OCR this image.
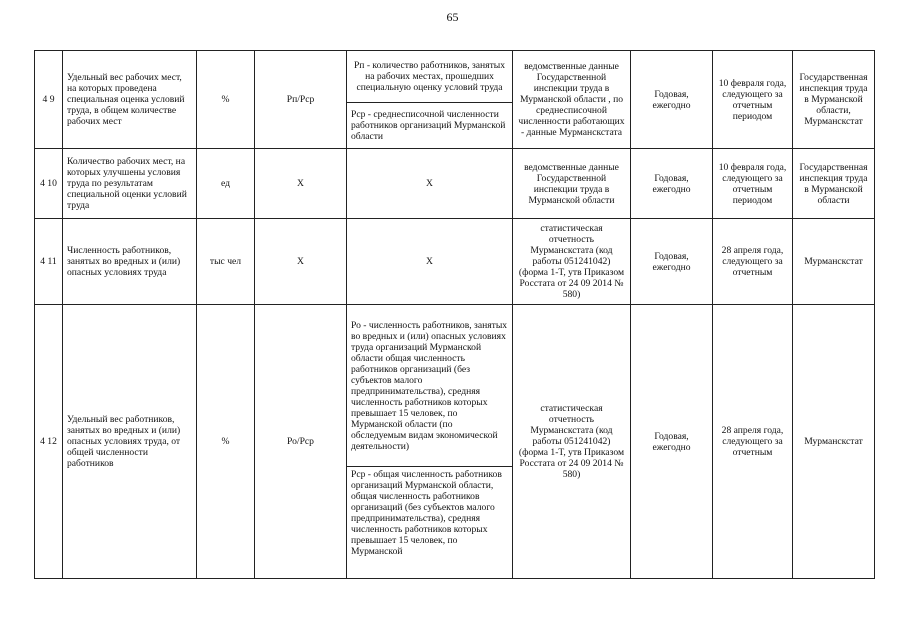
65
4 9	Удельный вес рабочих мест, на которых проведена специальная оценка условий труда, в общем количестве рабочих мест	%	Рп/Рср	Рп - количество работников, занятых на рабочих местах, прошедших специальную оценку условий труда	ведомственные данные Государственной инспекции труда в Мурманской области , по среднесписочной численности работающих - данные Мурманскстата	Годовая, ежегодно	10 февраля года, следующего за отчетным периодом	Государственная инспекция труда в Мурманской области, Мурманскстат
				Рср - среднесписочной численности работников организаций Мурманской области				
4 10	Количество рабочих мест, на которых улучшены условия труда по результатам специальной оценки условий труда	ед	Х	Х	ведомственные данные Государственной инспекции труда в Мурманской области	Годовая, ежегодно	10 февраля года, следующего за отчетным периодом	Государственная инспекция труда в Мурманской области
4 11	Численность работников, занятых во вредных и (или) опасных условиях труда	тыс чел	Х	Х	статистическая отчетность Мурманскстата (код работы 051241042) (форма 1-Т, утв Приказом Росстата от 24 09 2014 № 580)	Годовая, ежегодно	28 апреля года, следующего за отчетным	Мурманскстат
4 12	Удельный вес работников, занятых во вредных и (или) опасных условиях труда, от общей численности работников	%	Ро/Рср	Ро - численность работников, занятых во вредных и (или) опасных условиях труда организаций Мурманской области общая численность работников организаций (без субъектов малого предпринимательства), средняя численность работников которых превышает 15 человек, по Мурманской области (по обследуемым видам экономической деятельности)	статистическая отчетность Мурманскстата (код работы 051241042) (форма 1-Т, утв Приказом Росстата от 24 09 2014 № 580)	Годовая, ежегодно	28 апреля года, следующего за отчетным	Мурманскстат
				Рср - общая численность работников организаций Мурманской области, общая численность работников организаций (без субъектов малого предпринимательства), средняя численность работников которых превышает 15 человек, по Мурманской				
